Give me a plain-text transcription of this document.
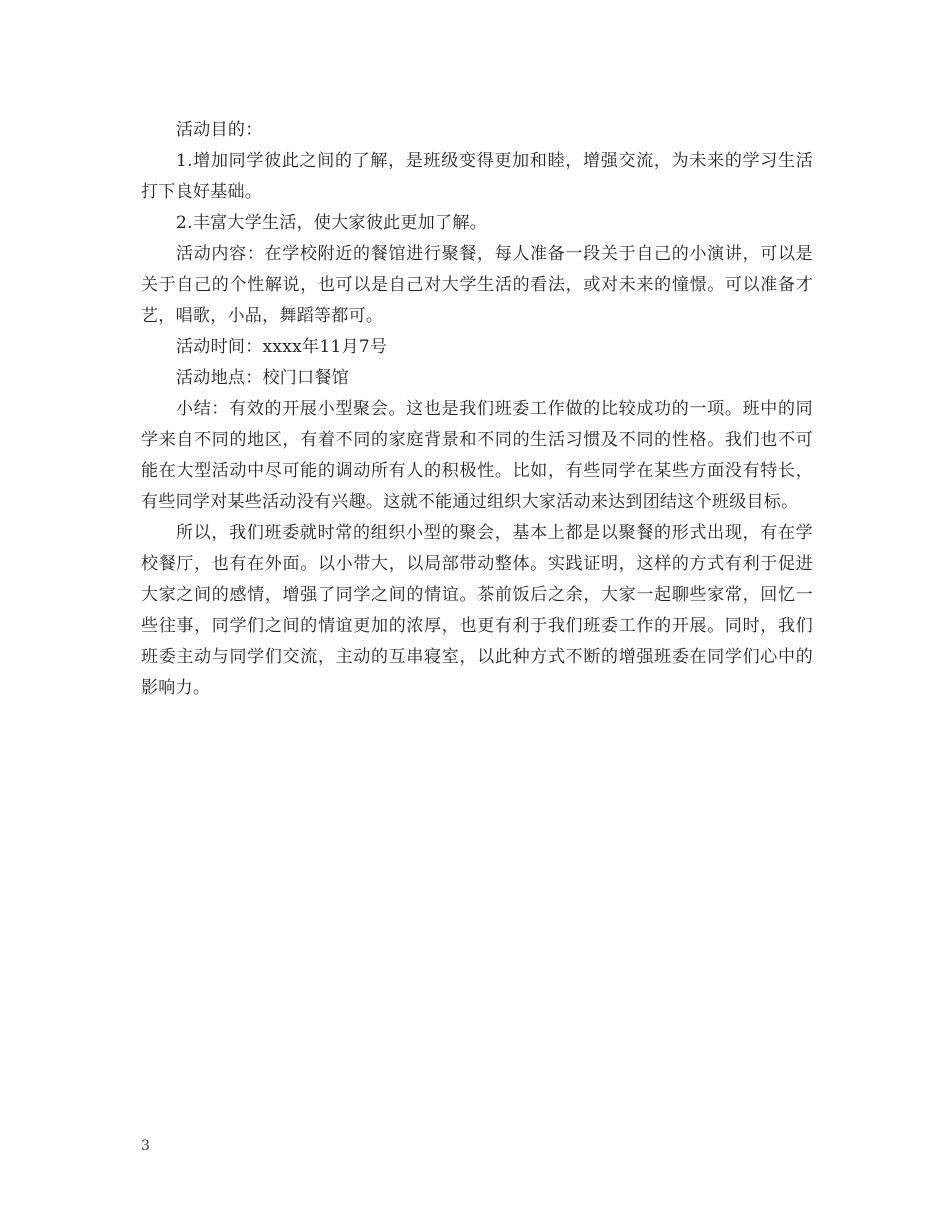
活动目的：

1.增加同学彼此之间的了解，是班级变得更加和睦，增强交流，为未来的学习生活打下良好基础。

2.丰富大学生活，使大家彼此更加了解。

活动内容：在学校附近的餐馆进行聚餐，每人准备一段关于自己的小演讲，可以是关于自己的个性解说，也可以是自己对大学生活的看法，或对未来的憧憬。可以准备才艺，唱歌，小品，舞蹈等都可。

活动时间：xxxx年11月7号

活动地点：校门口餐馆

小结：有效的开展小型聚会。这也是我们班委工作做的比较成功的一项。班中的同学来自不同的地区，有着不同的家庭背景和不同的生活习惯及不同的性格。我们也不可能在大型活动中尽可能的调动所有人的积极性。比如，有些同学在某些方面没有特长，有些同学对某些活动没有兴趣。这就不能通过组织大家活动来达到团结这个班级目标。

所以，我们班委就时常的组织小型的聚会，基本上都是以聚餐的形式出现，有在学校餐厅，也有在外面。以小带大，以局部带动整体。实践证明，这样的方式有利于促进大家之间的感情，增强了同学之间的情谊。茶前饭后之余，大家一起聊些家常，回忆一些往事，同学们之间的情谊更加的浓厚，也更有利于我们班委工作的开展。同时，我们班委主动与同学们交流，主动的互串寝室，以此种方式不断的增强班委在同学们心中的影响力。

3
